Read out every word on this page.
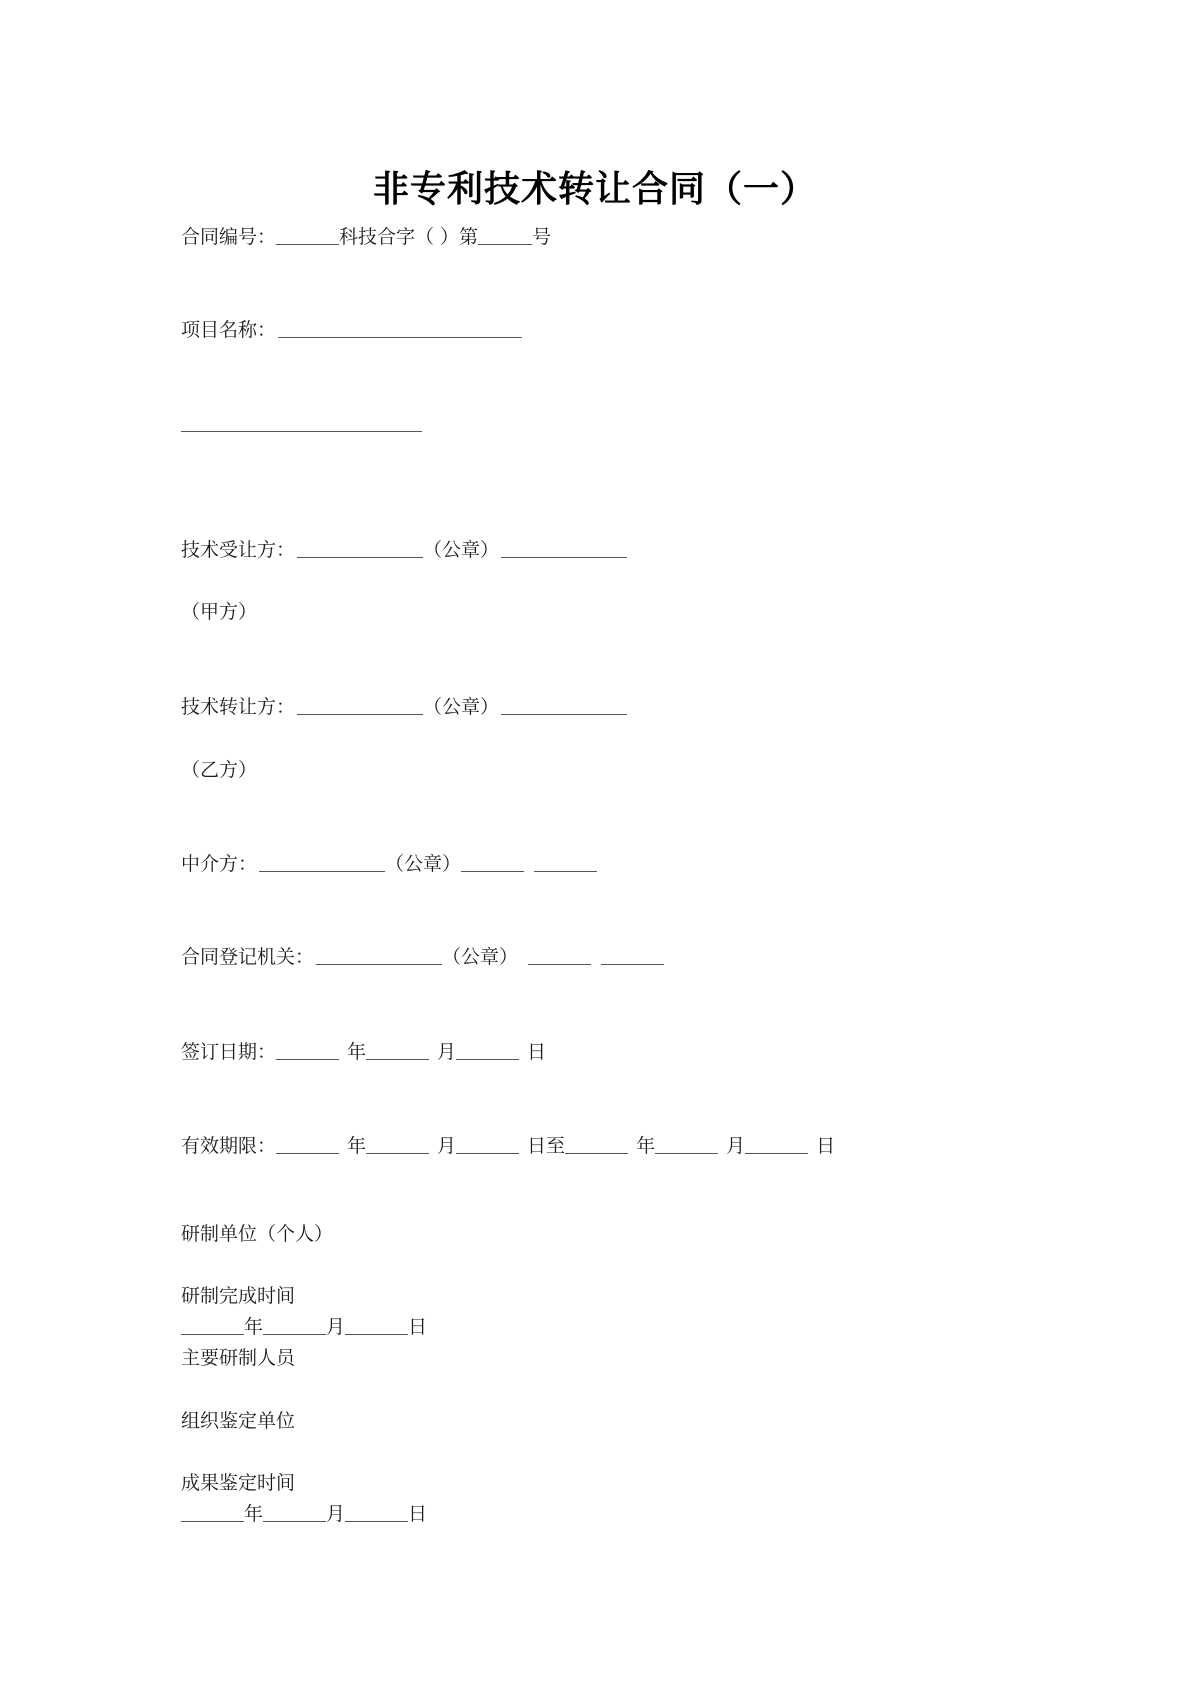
非专利技术转让合同（一）
合同编号：	科技合字（ ）第	号
项目名称：
技术受让方：	（公章）
（甲方）
技术转让方：	（公章）
（乙方）
中介方：	（公章）
合同登记机关：	（公章）
签订日期：	年	月	日
有效期限：	年	月	日至	年	月	日
研制单位（个人）
研制完成时间
年	月	日
主要研制人员
组织鉴定单位
成果鉴定时间
年	月	日
